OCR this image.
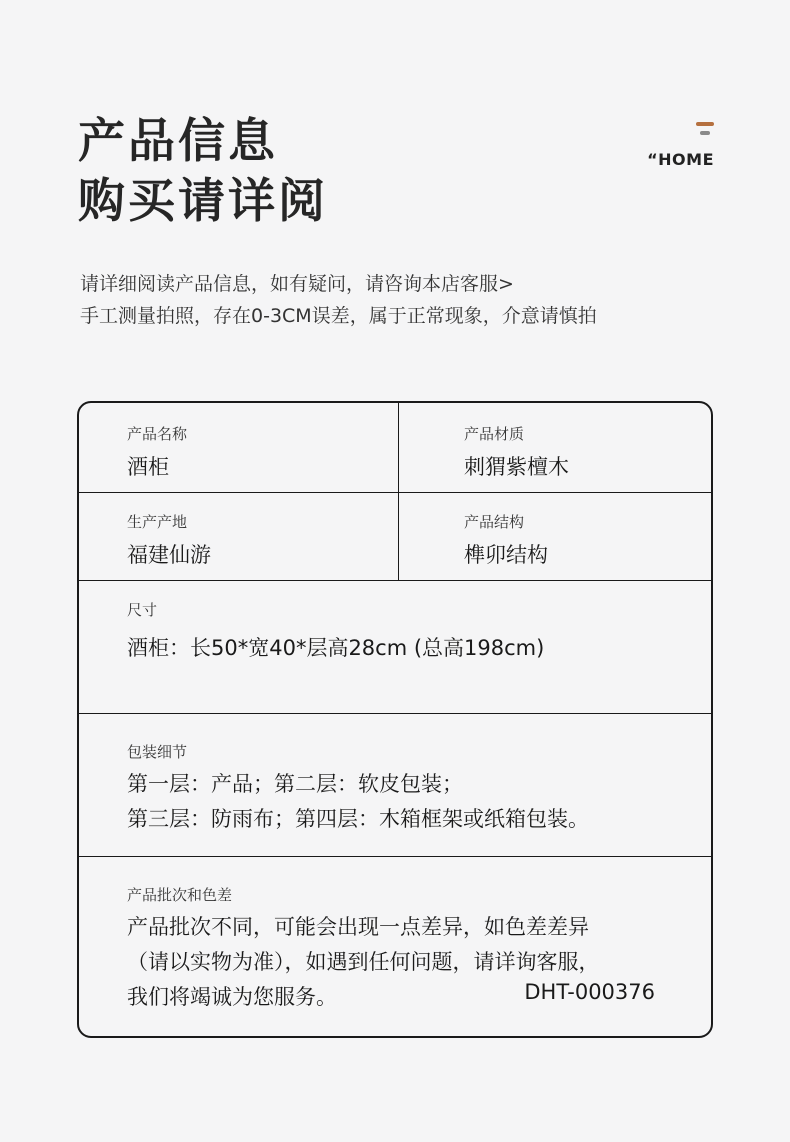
产品信息
购买请详阅
“HOME
请详细阅读产品信息，如有疑问，请咨询本店客服>
手工测量拍照，存在0-3CM误差，属于正常现象，介意请慎拍
产品名称
酒柜
产品材质
刺猬紫檀木
生产产地
福建仙游
产品结构
榫卯结构
尺寸
酒柜：长50*宽40*层高28cm (总高198cm)
包装细节
第一层：产品；第二层：软皮包装；
第三层：防雨布；第四层：木箱框架或纸箱包装。
产品批次和色差
产品批次不同，可能会出现一点差异，如色差差异
（请以实物为准），如遇到任何问题，请详询客服，
我们将竭诚为您服务。	DHT-000376
